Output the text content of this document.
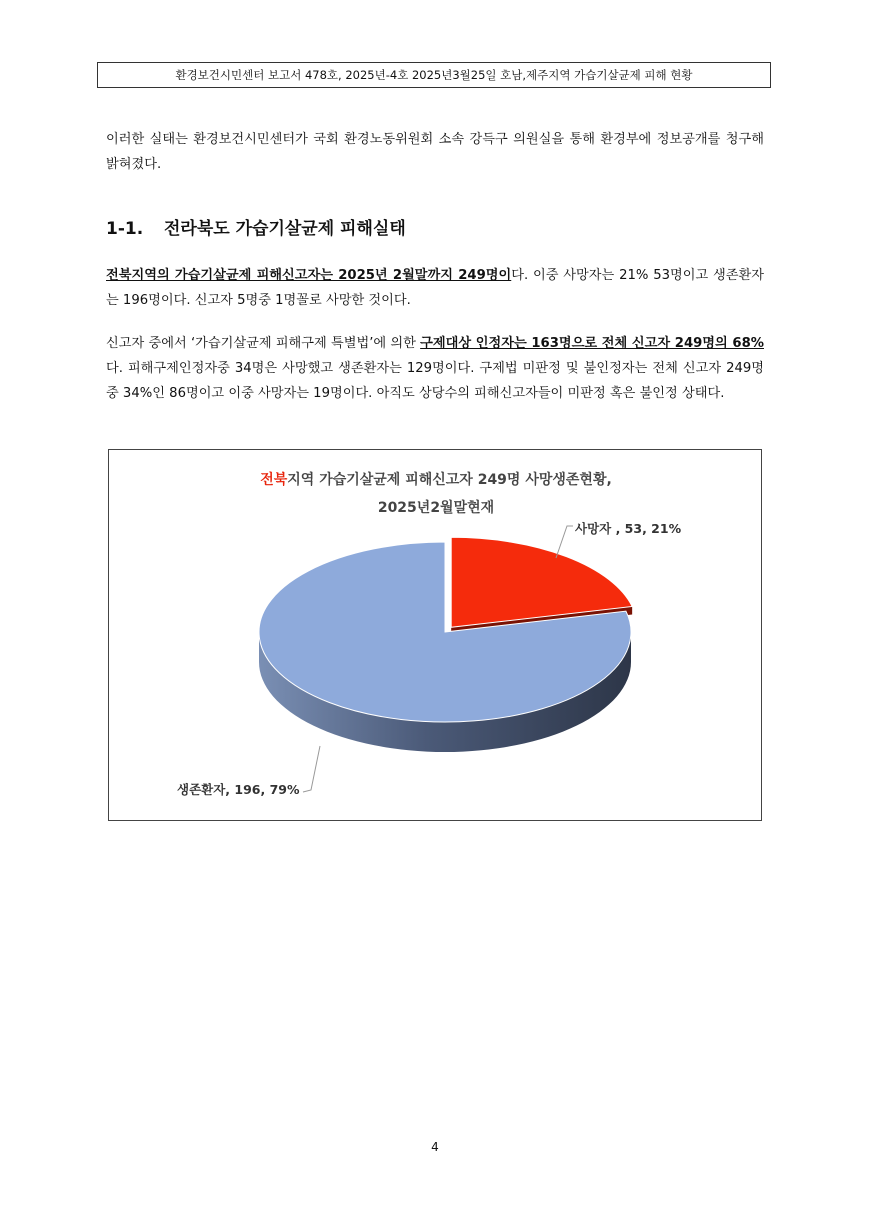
환경보건시민센터 보고서 478호, 2025년-4호 2025년3월25일 호남,제주지역 가습기살균제 피해 현황

이러한 실태는 환경보건시민센터가 국회 환경노동위원회 소속 강득구 의원실을 통해 환경부에 정보공개를 청구해 밝혀졌다.

1-1. 전라북도 가습기살균제 피해실태

전북지역의 가습기살균제 피해신고자는 2025년 2월말까지 249명이다. 이중 사망자는 21% 53명이고 생존환자는 196명이다. 신고자 5명중 1명꼴로 사망한 것이다.

신고자 중에서 ‘가습기살균제 피해구제 특별법’에 의한 구제대상 인정자는 163명으로 전체 신고자 249명의 68%다. 피해구제인정자중 34명은 사망했고 생존환자는 129명이다. 구제법 미판정 및 불인정자는 전체 신고자 249명중 34%인 86명이고 이중 사망자는 19명이다. 아직도 상당수의 피해신고자들이 미판정 혹은 불인정 상태다.

전북지역 가습기살균제 피해신고자 249명 사망생존현황,
2025년2월말현재
사망자 , 53, 21%
생존환자, 196, 79%
4
